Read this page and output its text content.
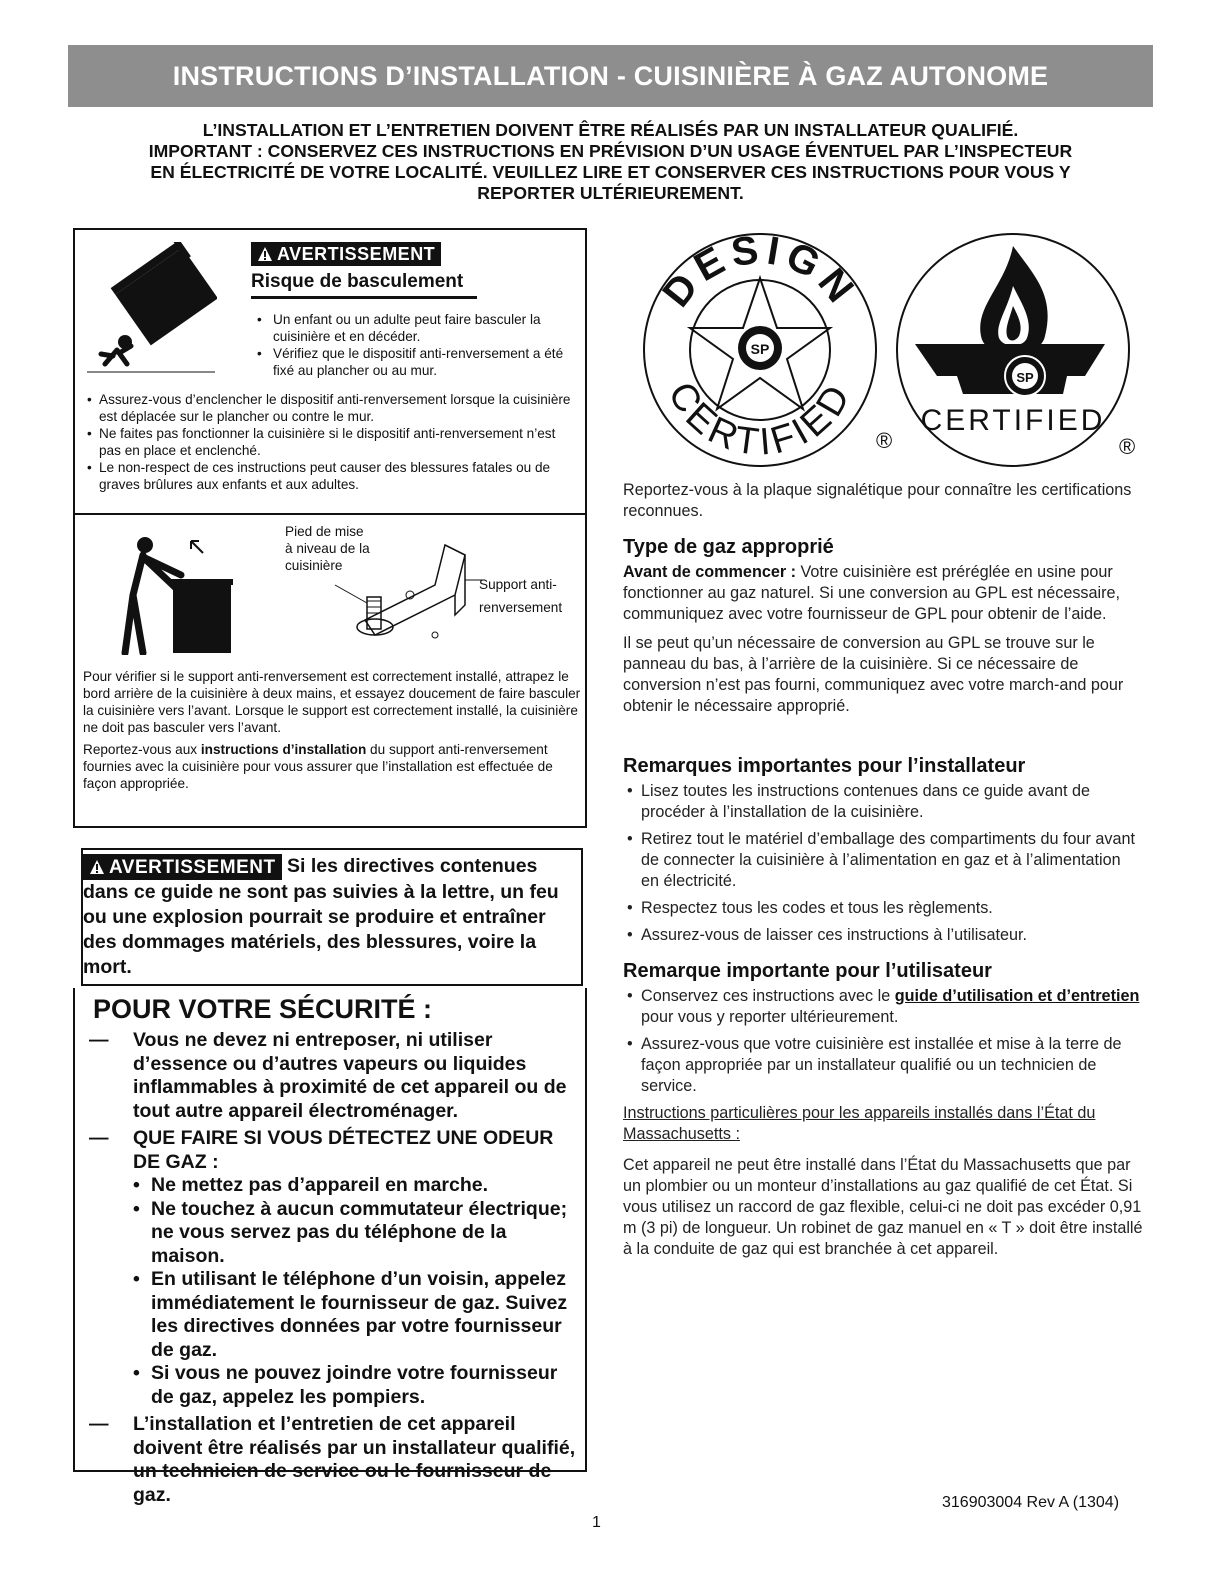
INSTRUCTIONS D’INSTALLATION - CUISINIÈRE À GAZ AUTONOME
L’INSTALLATION ET L’ENTRETIEN DOIVENT ÊTRE RÉALISÉS PAR UN INSTALLATEUR QUALIFIÉ.
IMPORTANT : CONSERVEZ CES INSTRUCTIONS EN PRÉVISION D’UN USAGE ÉVENTUEL PAR L’INSPECTEUR
EN ÉLECTRICITÉ DE VOTRE LOCALITÉ. VEUILLEZ LIRE ET CONSERVER CES INSTRUCTIONS POUR VOUS Y
REPORTER ULTÉRIEUREMENT.
AVERTISSEMENT
Risque de basculement
• Un enfant ou un adulte peut faire basculer la cuisinière et en décéder.
• Vérifiez que le dispositif anti-renversement a été fixé au plancher ou au mur.
• Assurez-vous d’enclencher le dispositif anti-renversement lorsque la cuisinière est déplacée sur le plancher ou contre le mur.
• Ne faites pas fonctionner la cuisinière si le dispositif anti-renversement n’est pas en place et enclenché.
• Le non-respect de ces instructions peut causer des blessures fatales ou de graves brûlures aux enfants et aux adultes.
Pied de mise
à niveau de la
cuisinière
Support anti-
renversement

Pour vérifier si le support anti-renversement est correctement installé, attrapez le bord arrière de la cuisinière à deux mains, et essayez doucement de faire basculer la cuisinière vers l’avant. Lorsque le support est correctement installé, la cuisinière ne doit pas basculer vers l’avant.

Reportez-vous aux instructions d’installation du support anti-renversement fournies avec la cuisinière pour vous assurer que l’installation est effectuée de façon appropriée.

AVERTISSEMENT Si les directives contenues dans ce guide ne sont pas suivies à la lettre, un feu ou une explosion pourrait se produire et entraîner des dommages matériels, des blessures, voire la mort.
POUR VOTRE SÉCURITÉ :
— Vous ne devez ni entreposer, ni utiliser d’essence ou d’autres vapeurs ou liquides inflammables à proximité de cet appareil ou de tout autre appareil électroménager.
— QUE FAIRE SI VOUS DÉTECTEZ UNE ODEUR DE GAZ :
• Ne mettez pas d’appareil en marche.
• Ne touchez à aucun commutateur électrique; ne vous servez pas du téléphone de la maison.
• En utilisant le téléphone d’un voisin, appelez immédiatement le fournisseur de gaz. Suivez les directives données par votre fournisseur de gaz.
• Si vous ne pouvez joindre votre fournisseur de gaz, appelez les pompiers.
— L’installation et l’entretien de cet appareil doivent être réalisés par un installateur qualifié, un technicien de service ou le fournisseur de gaz.
SP
DESIGN
CERTIFIED
®
SP
CERTIFIED
®

Reportez-vous à la plaque signalétique pour connaître les certifications reconnues.

Type de gaz approprié

Avant de commencer : Votre cuisinière est préréglée en usine pour fonctionner au gaz naturel. Si une conversion au GPL est nécessaire, communiquez avec votre fournisseur de GPL pour obtenir de l’aide.

Il se peut qu’un nécessaire de conversion au GPL se trouve sur le panneau du bas, à l’arrière de la cuisinière. Si ce nécessaire de conversion n’est pas fourni, communiquez avec votre march-and pour obtenir le nécessaire approprié.

Remarques importantes pour l’installateur
• Lisez toutes les instructions contenues dans ce guide avant de procéder à l’installation de la cuisinière.
• Retirez tout le matériel d’emballage des compartiments du four avant de connecter la cuisinière à l’alimentation en gaz et à l’alimentation en électricité.
• Respectez tous les codes et tous les règlements.
• Assurez-vous de laisser ces instructions à l’utilisateur.
Remarque importante pour l’utilisateur
• Conservez ces instructions avec le guide d’utilisation et d’entretien pour vous y reporter ultérieurement.
• Assurez-vous que votre cuisinière est installée et mise à la terre de façon appropriée par un installateur qualifié ou un technicien de service.

Instructions particulières pour les appareils installés dans l’État du Massachusetts :

Cet appareil ne peut être installé dans l’État du Massachusetts que par un plombier ou un monteur d’installations au gaz qualifié de cet État. Si vous utilisez un raccord de gaz flexible, celui-ci ne doit pas excéder 0,91 m (3 pi) de longueur. Un robinet de gaz manuel en « T » doit être installé à la conduite de gaz qui est branchée à cet appareil.

316903004 Rev A (1304)
1
